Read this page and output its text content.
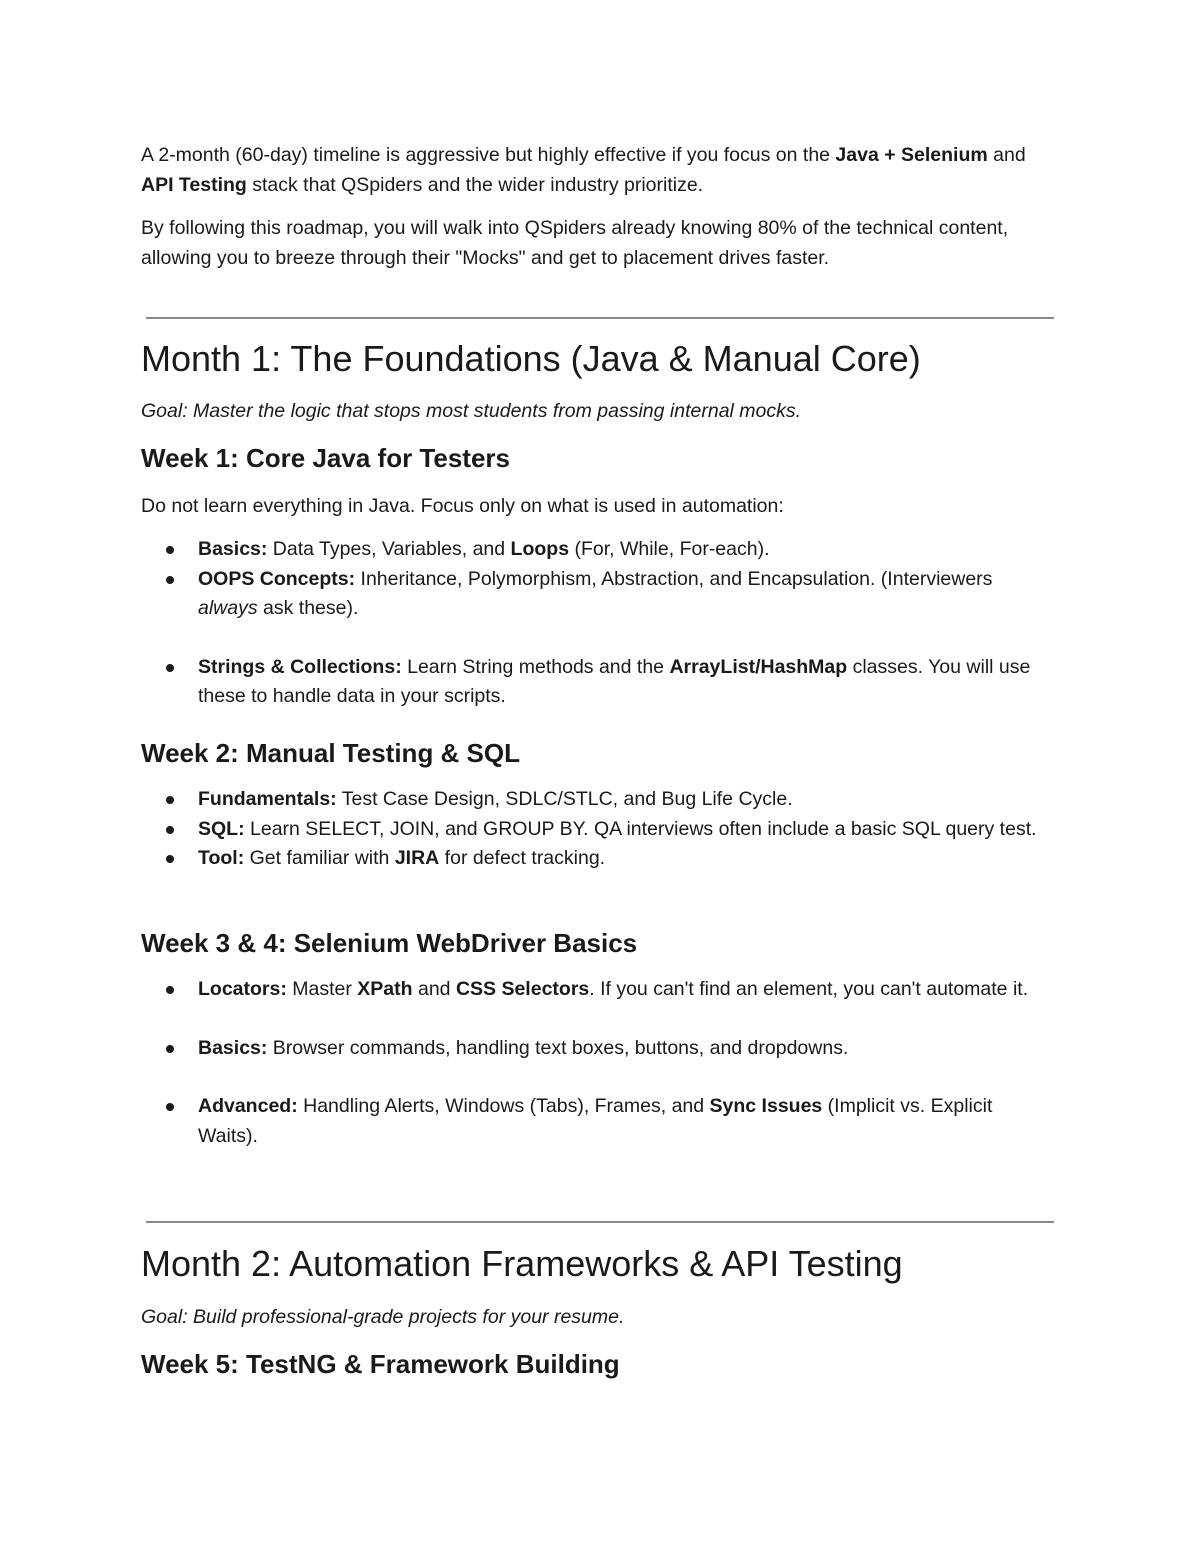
A 2-month (60-day) timeline is aggressive but highly effective if you focus on the Java + Selenium and API Testing stack that QSpiders and the wider industry prioritize.

By following this roadmap, you will walk into QSpiders already knowing 80% of the technical content, allowing you to breeze through their "Mocks" and get to placement drives faster.

Month 1: The Foundations (Java & Manual Core)

Goal: Master the logic that stops most students from passing internal mocks.

Week 1: Core Java for Testers

Do not learn everything in Java. Focus only on what is used in automation:

Basics: Data Types, Variables, and Loops (For, While, For-each).
OOPS Concepts: Inheritance, Polymorphism, Abstraction, and Encapsulation. (Interviewers always ask these).
Strings & Collections: Learn String methods and the ArrayList/HashMap classes. You will use these to handle data in your scripts.
Week 2: Manual Testing & SQL
Fundamentals: Test Case Design, SDLC/STLC, and Bug Life Cycle.
SQL: Learn SELECT, JOIN, and GROUP BY. QA interviews often include a basic SQL query test.
Tool: Get familiar with JIRA for defect tracking.
Week 3 & 4: Selenium WebDriver Basics
Locators: Master XPath and CSS Selectors. If you can't find an element, you can't automate it.
Basics: Browser commands, handling text boxes, buttons, and dropdowns.
Advanced: Handling Alerts, Windows (Tabs), Frames, and Sync Issues (Implicit vs. Explicit Waits).
Month 2: Automation Frameworks & API Testing

Goal: Build professional-grade projects for your resume.

Week 5: TestNG & Framework Building
